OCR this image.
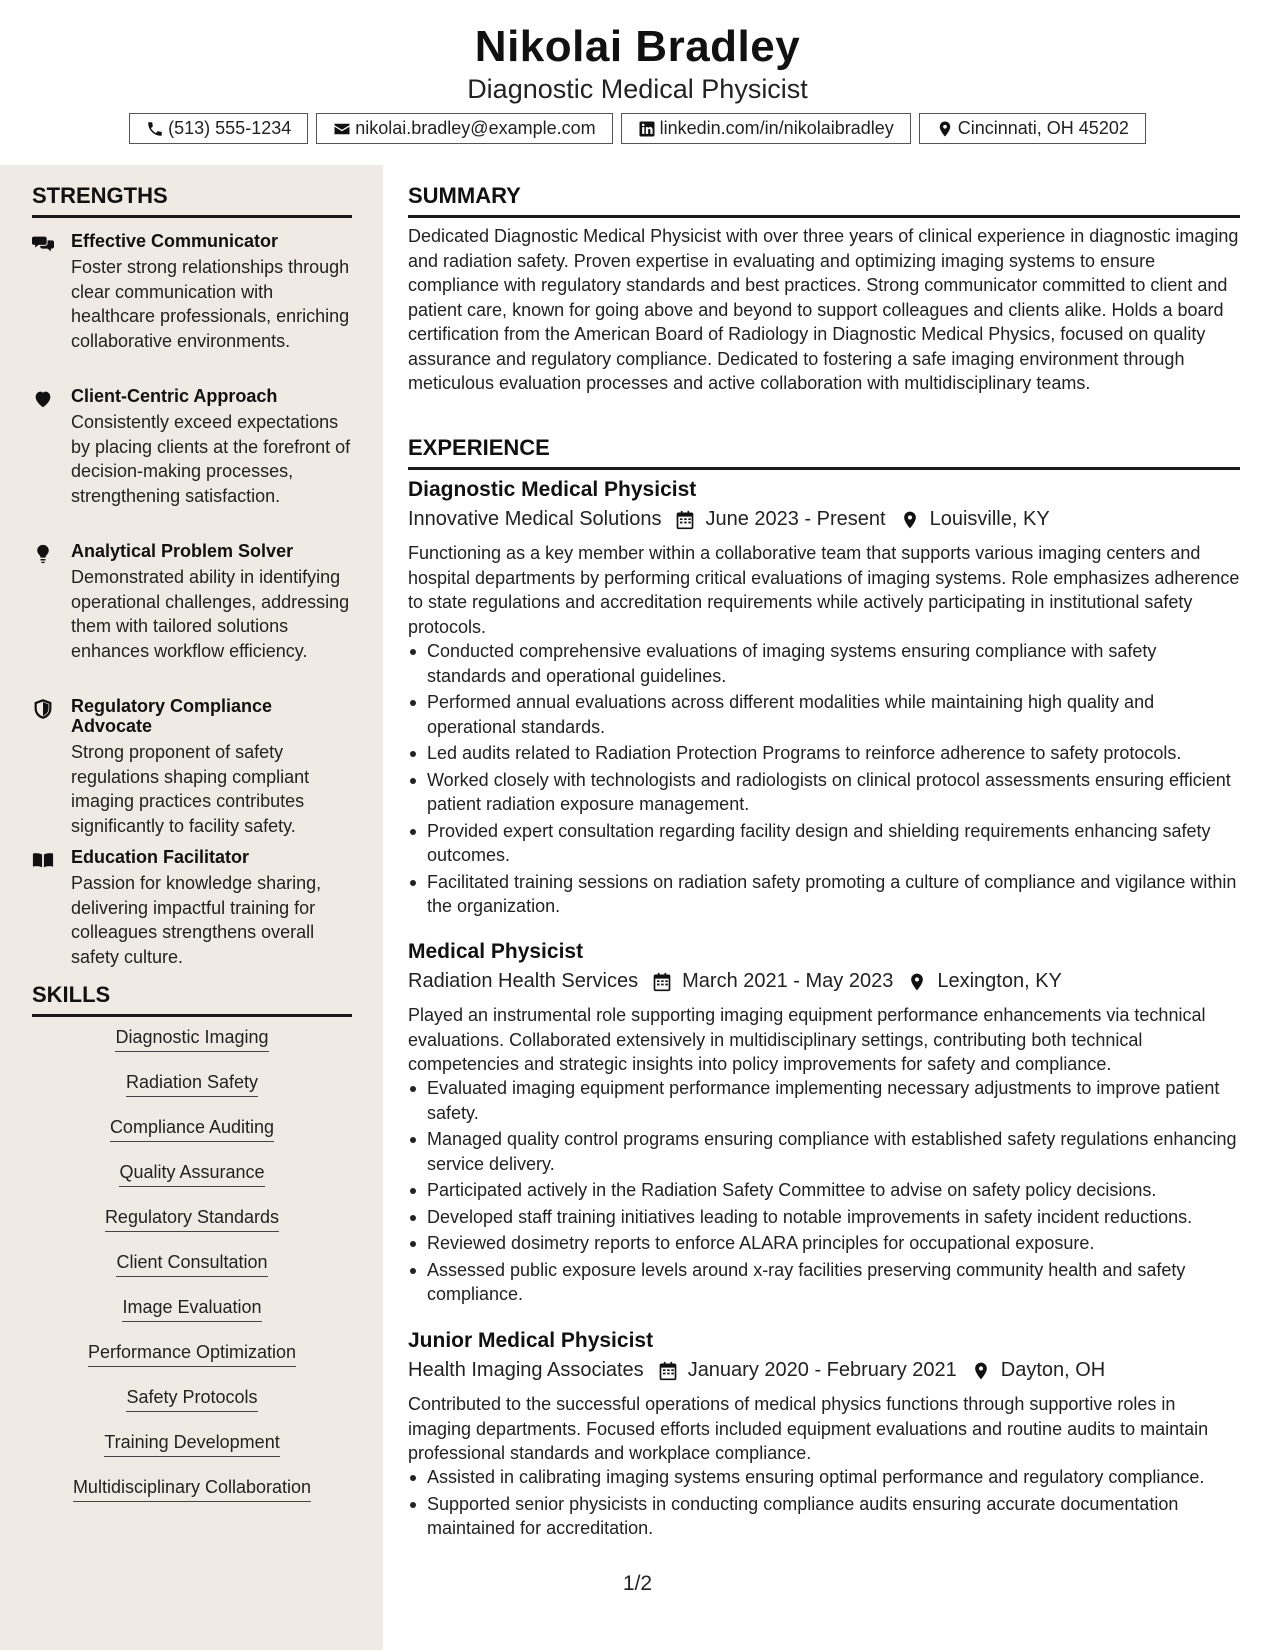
Nikolai Bradley
Diagnostic Medical Physicist
(513) 555-1234	nikolai.bradley@example.com	linkedin.com/in/nikolaibradley	Cincinnati, OH 45202
STRENGTHS
Effective Communicator
Foster strong relationships through clear communication with healthcare professionals, enriching collaborative environments.
Client-Centric Approach
Consistently exceed expectations by placing clients at the forefront of decision-making processes, strengthening satisfaction.
Analytical Problem Solver
Demonstrated ability in identifying operational challenges, addressing them with tailored solutions enhances workflow efficiency.
Regulatory Compliance Advocate
Strong proponent of safety regulations shaping compliant imaging practices contributes significantly to facility safety.
Education Facilitator
Passion for knowledge sharing, delivering impactful training for colleagues strengthens overall safety culture.
SKILLS
Diagnostic Imaging
Radiation Safety
Compliance Auditing
Quality Assurance
Regulatory Standards
Client Consultation
Image Evaluation
Performance Optimization
Safety Protocols
Training Development
Multidisciplinary Collaboration
SUMMARY
Dedicated Diagnostic Medical Physicist with over three years of clinical experience in diagnostic imaging and radiation safety. Proven expertise in evaluating and optimizing imaging systems to ensure compliance with regulatory standards and best practices. Strong communicator committed to client and patient care, known for going above and beyond to support colleagues and clients alike. Holds a board certification from the American Board of Radiology in Diagnostic Medical Physics, focused on quality assurance and regulatory compliance. Dedicated to fostering a safe imaging environment through meticulous evaluation processes and active collaboration with multidisciplinary teams.
EXPERIENCE
Diagnostic Medical Physicist
Innovative Medical Solutions June 2023 - Present Louisville, KY
Functioning as a key member within a collaborative team that supports various imaging centers and hospital departments by performing critical evaluations of imaging systems. Role emphasizes adherence to state regulations and accreditation requirements while actively participating in institutional safety protocols.
Conducted comprehensive evaluations of imaging systems ensuring compliance with safety standards and operational guidelines.
Performed annual evaluations across different modalities while maintaining high quality and operational standards.
Led audits related to Radiation Protection Programs to reinforce adherence to safety protocols.
Worked closely with technologists and radiologists on clinical protocol assessments ensuring efficient patient radiation exposure management.
Provided expert consultation regarding facility design and shielding requirements enhancing safety outcomes.
Facilitated training sessions on radiation safety promoting a culture of compliance and vigilance within the organization.
Medical Physicist
Radiation Health Services March 2021 - May 2023 Lexington, KY
Played an instrumental role supporting imaging equipment performance enhancements via technical evaluations. Collaborated extensively in multidisciplinary settings, contributing both technical competencies and strategic insights into policy improvements for safety and compliance.
Evaluated imaging equipment performance implementing necessary adjustments to improve patient safety.
Managed quality control programs ensuring compliance with established safety regulations enhancing service delivery.
Participated actively in the Radiation Safety Committee to advise on safety policy decisions.
Developed staff training initiatives leading to notable improvements in safety incident reductions.
Reviewed dosimetry reports to enforce ALARA principles for occupational exposure.
Assessed public exposure levels around x-ray facilities preserving community health and safety compliance.
Junior Medical Physicist
Health Imaging Associates January 2020 - February 2021 Dayton, OH
Contributed to the successful operations of medical physics functions through supportive roles in imaging departments. Focused efforts included equipment evaluations and routine audits to maintain professional standards and workplace compliance.
Assisted in calibrating imaging systems ensuring optimal performance and regulatory compliance.
Supported senior physicists in conducting compliance audits ensuring accurate documentation maintained for accreditation.
1/2
